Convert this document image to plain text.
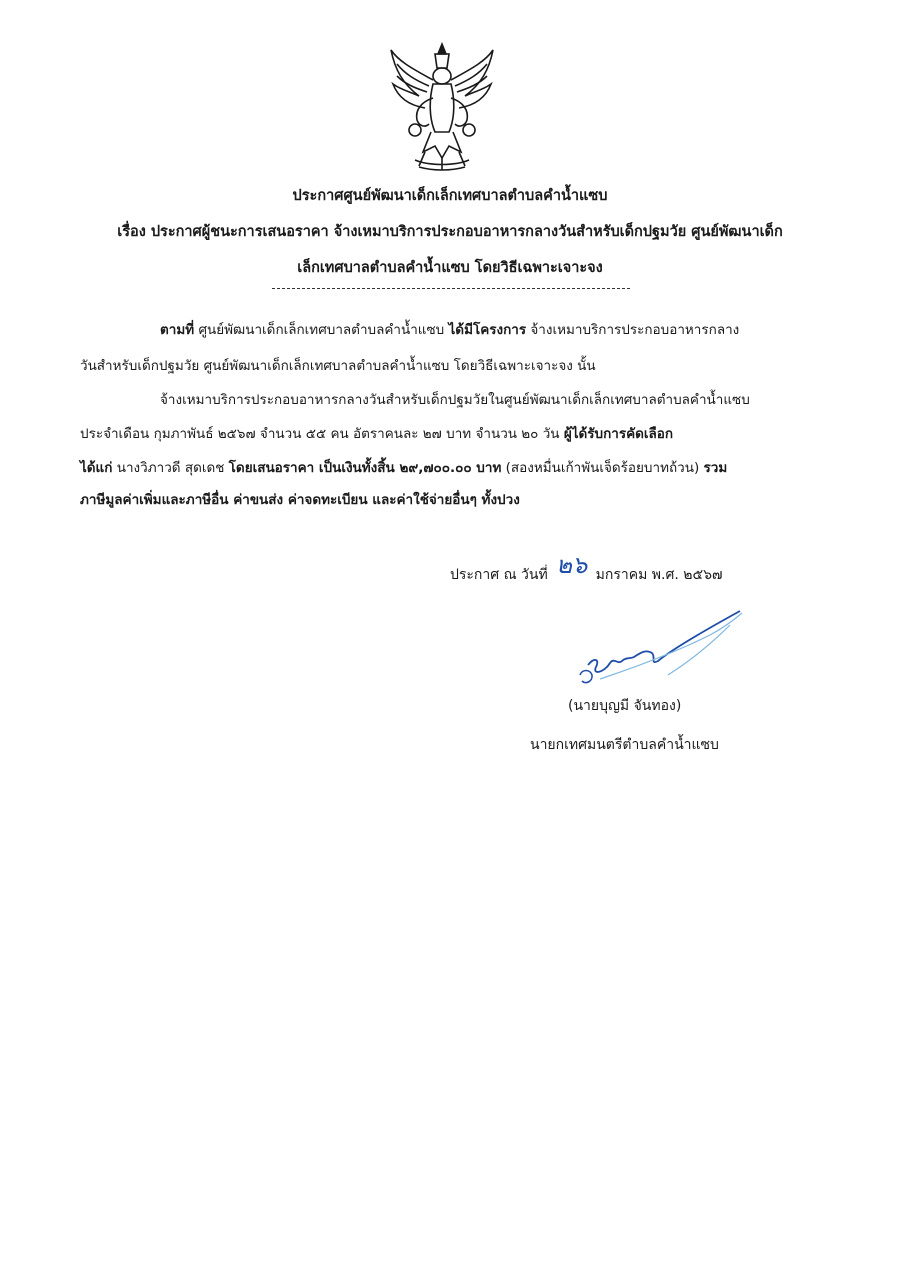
ประกาศศูนย์พัฒนาเด็กเล็กเทศบาลตำบลคำน้ำแซบ
เรื่อง ประกาศผู้ชนะการเสนอราคา จ้างเหมาบริการประกอบอาหารกลางวันสำหรับเด็กปฐมวัย ศูนย์พัฒนาเด็ก
เล็กเทศบาลตำบลคำน้ำแซบ โดยวิธีเฉพาะเจาะจง
ตามที่ ศูนย์พัฒนาเด็กเล็กเทศบาลตำบลคำน้ำแซบ ได้มีโครงการ จ้างเหมาบริการประกอบอาหารกลาง
วันสำหรับเด็กปฐมวัย ศูนย์พัฒนาเด็กเล็กเทศบาลตำบลคำน้ำแซบ โดยวิธีเฉพาะเจาะจง นั้น
จ้างเหมาบริการประกอบอาหารกลางวันสำหรับเด็กปฐมวัยในศูนย์พัฒนาเด็กเล็กเทศบาลตำบลคำน้ำแซบ
ประจำเดือน กุมภาพันธ์ ๒๕๖๗ จำนวน ๕๕ คน อัตราคนละ ๒๗ บาท จำนวน ๒๐ วัน ผู้ได้รับการคัดเลือก
ได้แก่ นางวิภาวดี สุดเดช โดยเสนอราคา เป็นเงินทั้งสิ้น ๒๙,๗๐๐.๐๐ บาท (สองหมื่นเก้าพันเจ็ดร้อยบาทถ้วน) รวม
ภาษีมูลค่าเพิ่มและภาษีอื่น ค่าขนส่ง ค่าจดทะเบียน และค่าใช้จ่ายอื่นๆ ทั้งปวง
ประกาศ ณ วันที่ ๒๖ มกราคม พ.ศ. ๒๕๖๗
(นายบุญมี จันทอง)
นายกเทศมนตรีตำบลคำน้ำแซบ
